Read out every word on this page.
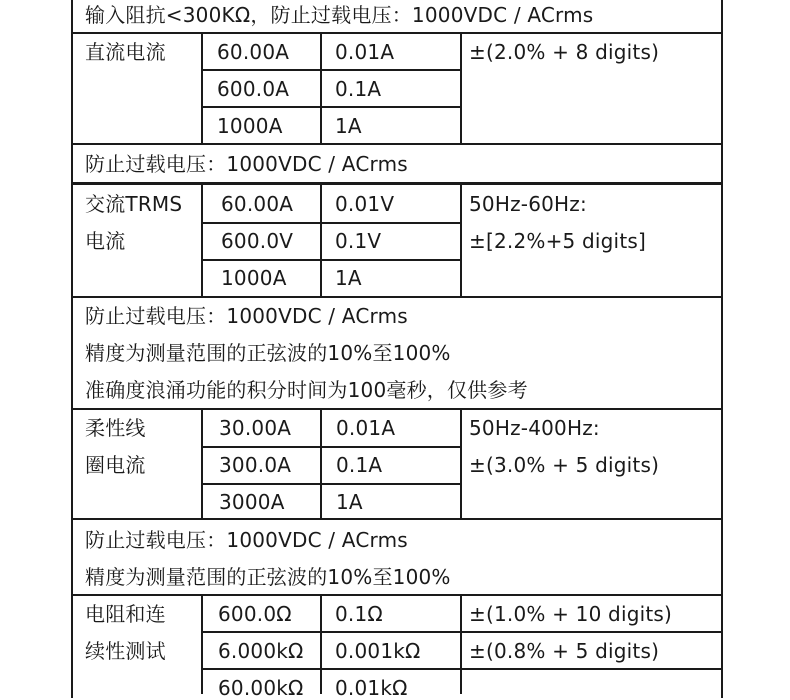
输入阻抗<300KΩ，防止过载电压：1000VDC / ACrms
直流电流	60.00A 0.01A	±(2.0% + 8 digits)
600.0A 0.1A
1000A	1A
防止过载电压：1000VDC / ACrms
交流TRMS
电流
60.00A 0.01V	50Hz-60Hz:
600.0V 0.1V	±[2.2%+5 digits]
1000A 1A
防止过载电压：1000VDC / ACrms
精度为测量范围的正弦波的10%至100%
准确度浪涌功能的积分时间为100毫秒，仅供参考
柔性线
圈电流
30.00A 0.01A	50Hz-400Hz:
300.0A 0.1A	±(3.0% + 5 digits)
3000A	1A
防止过载电压：1000VDC / ACrms
精度为测量范围的正弦波的10%至100%
电阻和连
续性测试
600.0Ω 0.1Ω	±(1.0% + 10 digits)
6.000kΩ 0.001kΩ ±(0.8% + 5 digits)
60.00kΩ 0.01kΩ
